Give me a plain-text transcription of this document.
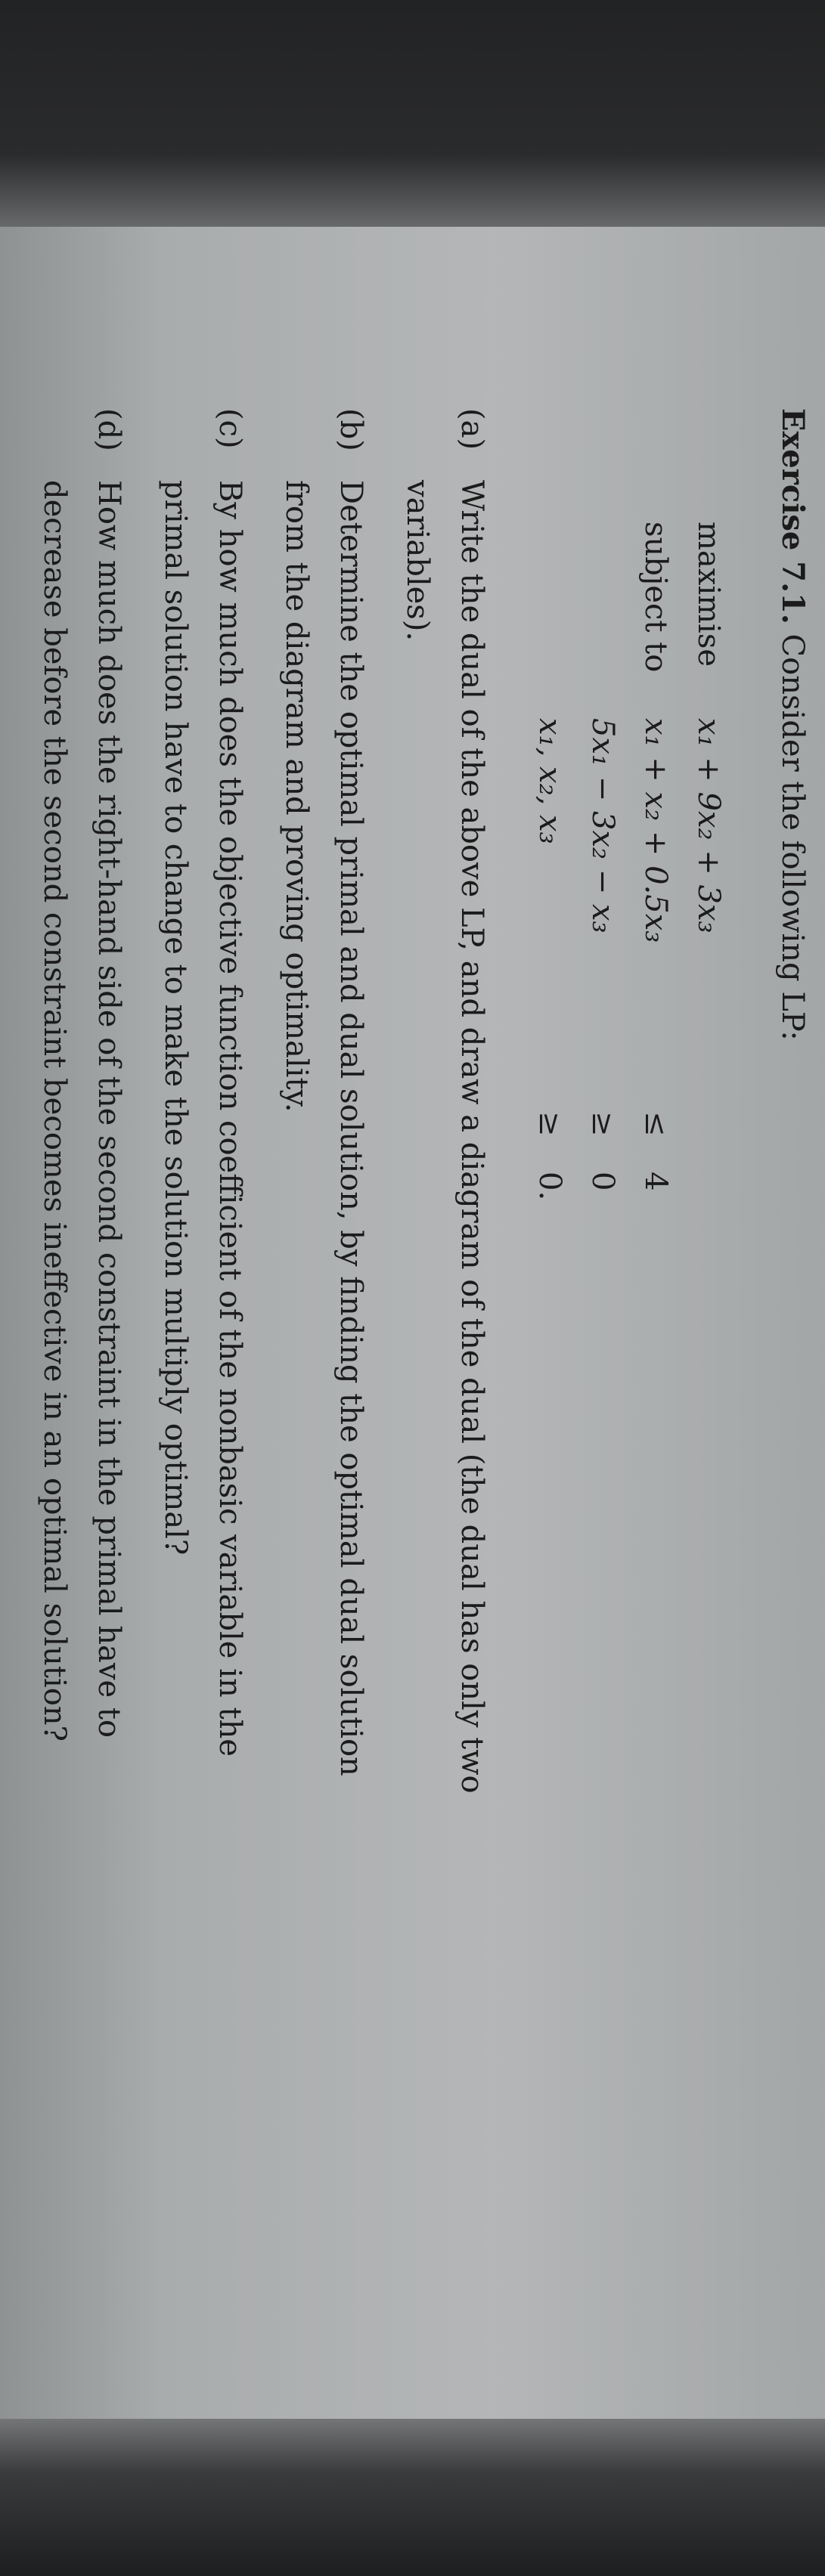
Exercise 7.1. Consider the following LP:
maximise
x₁ + 9x₂ + 3x₃
subject to
x₁ + x₂ + 0.5x₃
≤
4
5x₁ − 3x₂ − x₃
≥
0
x₁, x₂, x₃
≥
0.
(a)
Write the dual of the above LP, and draw a diagram of the dual (the dual has only two
variables).
(b)
Determine the optimal primal and dual solution, by finding the optimal dual solution
from the diagram and proving optimality.
(c)
By how much does the objective function coefficient of the nonbasic variable in the
primal solution have to change to make the solution multiply optimal?
(d)
How much does the right-hand side of the second constraint in the primal have to
decrease before the second constraint becomes ineffective in an optimal solution?
